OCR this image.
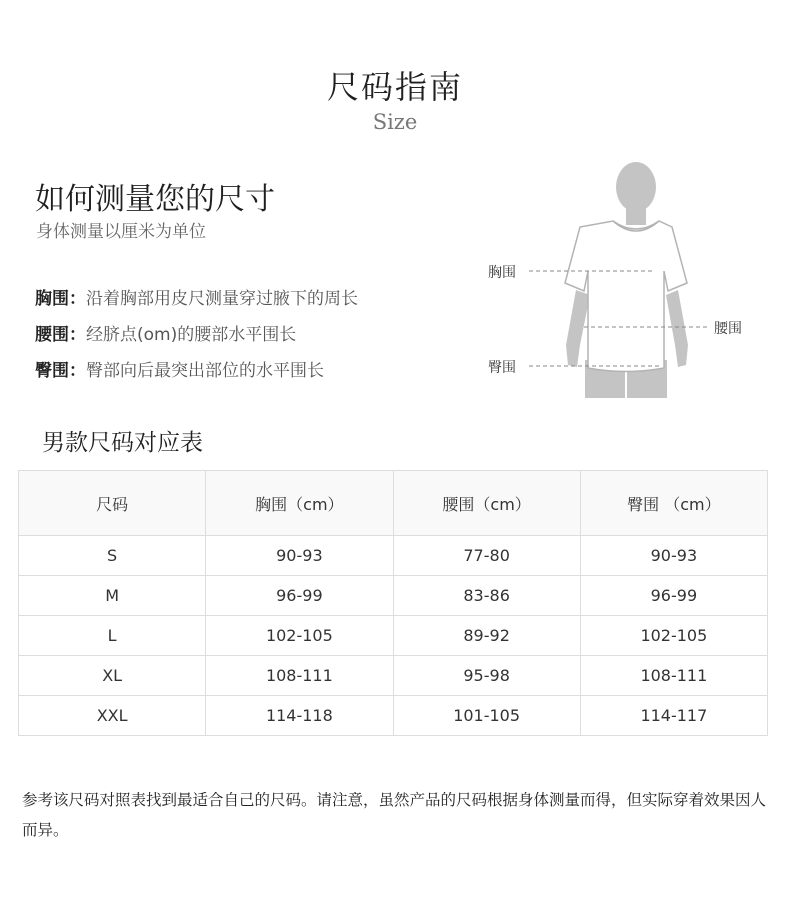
尺码指南
Size
如何测量您的尺寸
身体测量以厘米为单位
胸围：沿着胸部用皮尺测量穿过腋下的周长
腰围：经脐点(om)的腰部水平围长
臀围：臀部向后最突出部位的水平围长
胸围
腰围
臀围
男款尺码对应表
尺码	胸围（cm）	腰围（cm）	臀围 （cm）
S	90-93	77-80	90-93
M	96-99	83-86	96-99
L	102-105	89-92	102-105
XL	108-111	95-98	108-111
XXL	114-118	101-105	114-117
参考该尺码对照表找到最适合自己的尺码。请注意，虽然产品的尺码根据身体测量而得，但实际穿着效果因人而异。
